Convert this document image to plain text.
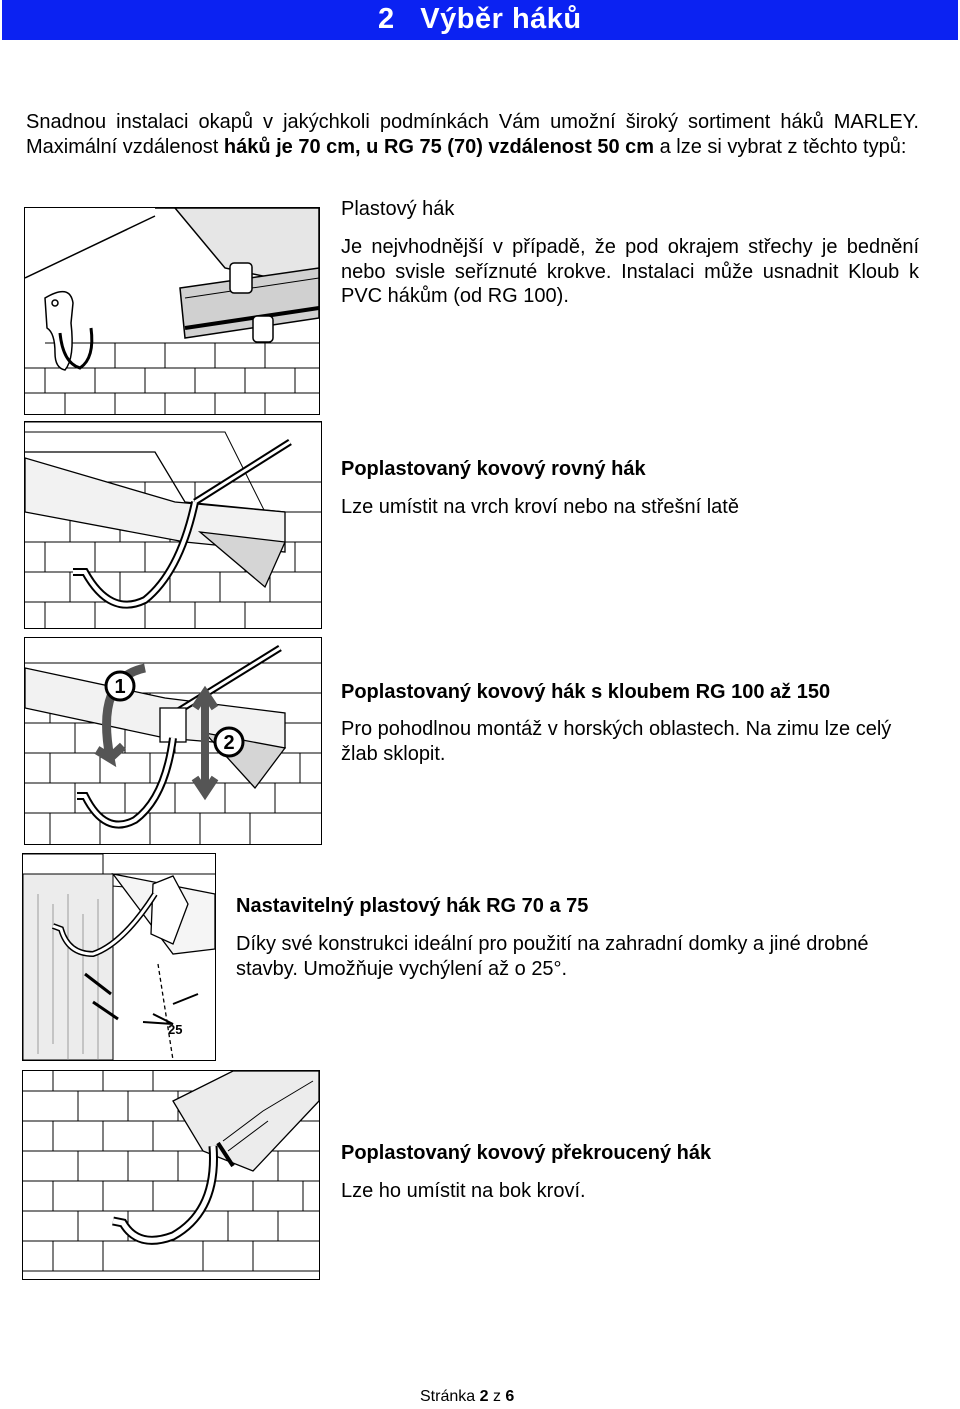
2   Výběr háků
Snadnou instalaci okapů v jakýchkoli podmínkách Vám umožní široký sortiment háků MARLEY. Maximální vzdálenost háků je 70 cm, u RG 75 (70) vzdálenost 50 cm a lze si vybrat z těchto typů:
Plastový hák
Je nejvhodnější v případě, že pod okrajem střechy je bednění nebo svisle seříznuté krokve. Instalaci může usnadnit Kloub k PVC hákům (od RG 100).
Poplastovaný kovový rovný hák
Lze umístit na vrch kroví nebo na střešní latě
1
2
Poplastovaný kovový hák s kloubem RG 100 až 150
Pro pohodlnou montáž v horských oblastech. Na zimu lze celý žlab sklopit.
25
Nastavitelný plastový hák RG 70 a 75
Díky své konstrukci ideální pro použití na zahradní domky a jiné drobné stavby. Umožňuje vychýlení až o 25°.
Poplastovaný kovový překroucený hák
Lze ho umístit na bok kroví.
Stránka 2 z 6
